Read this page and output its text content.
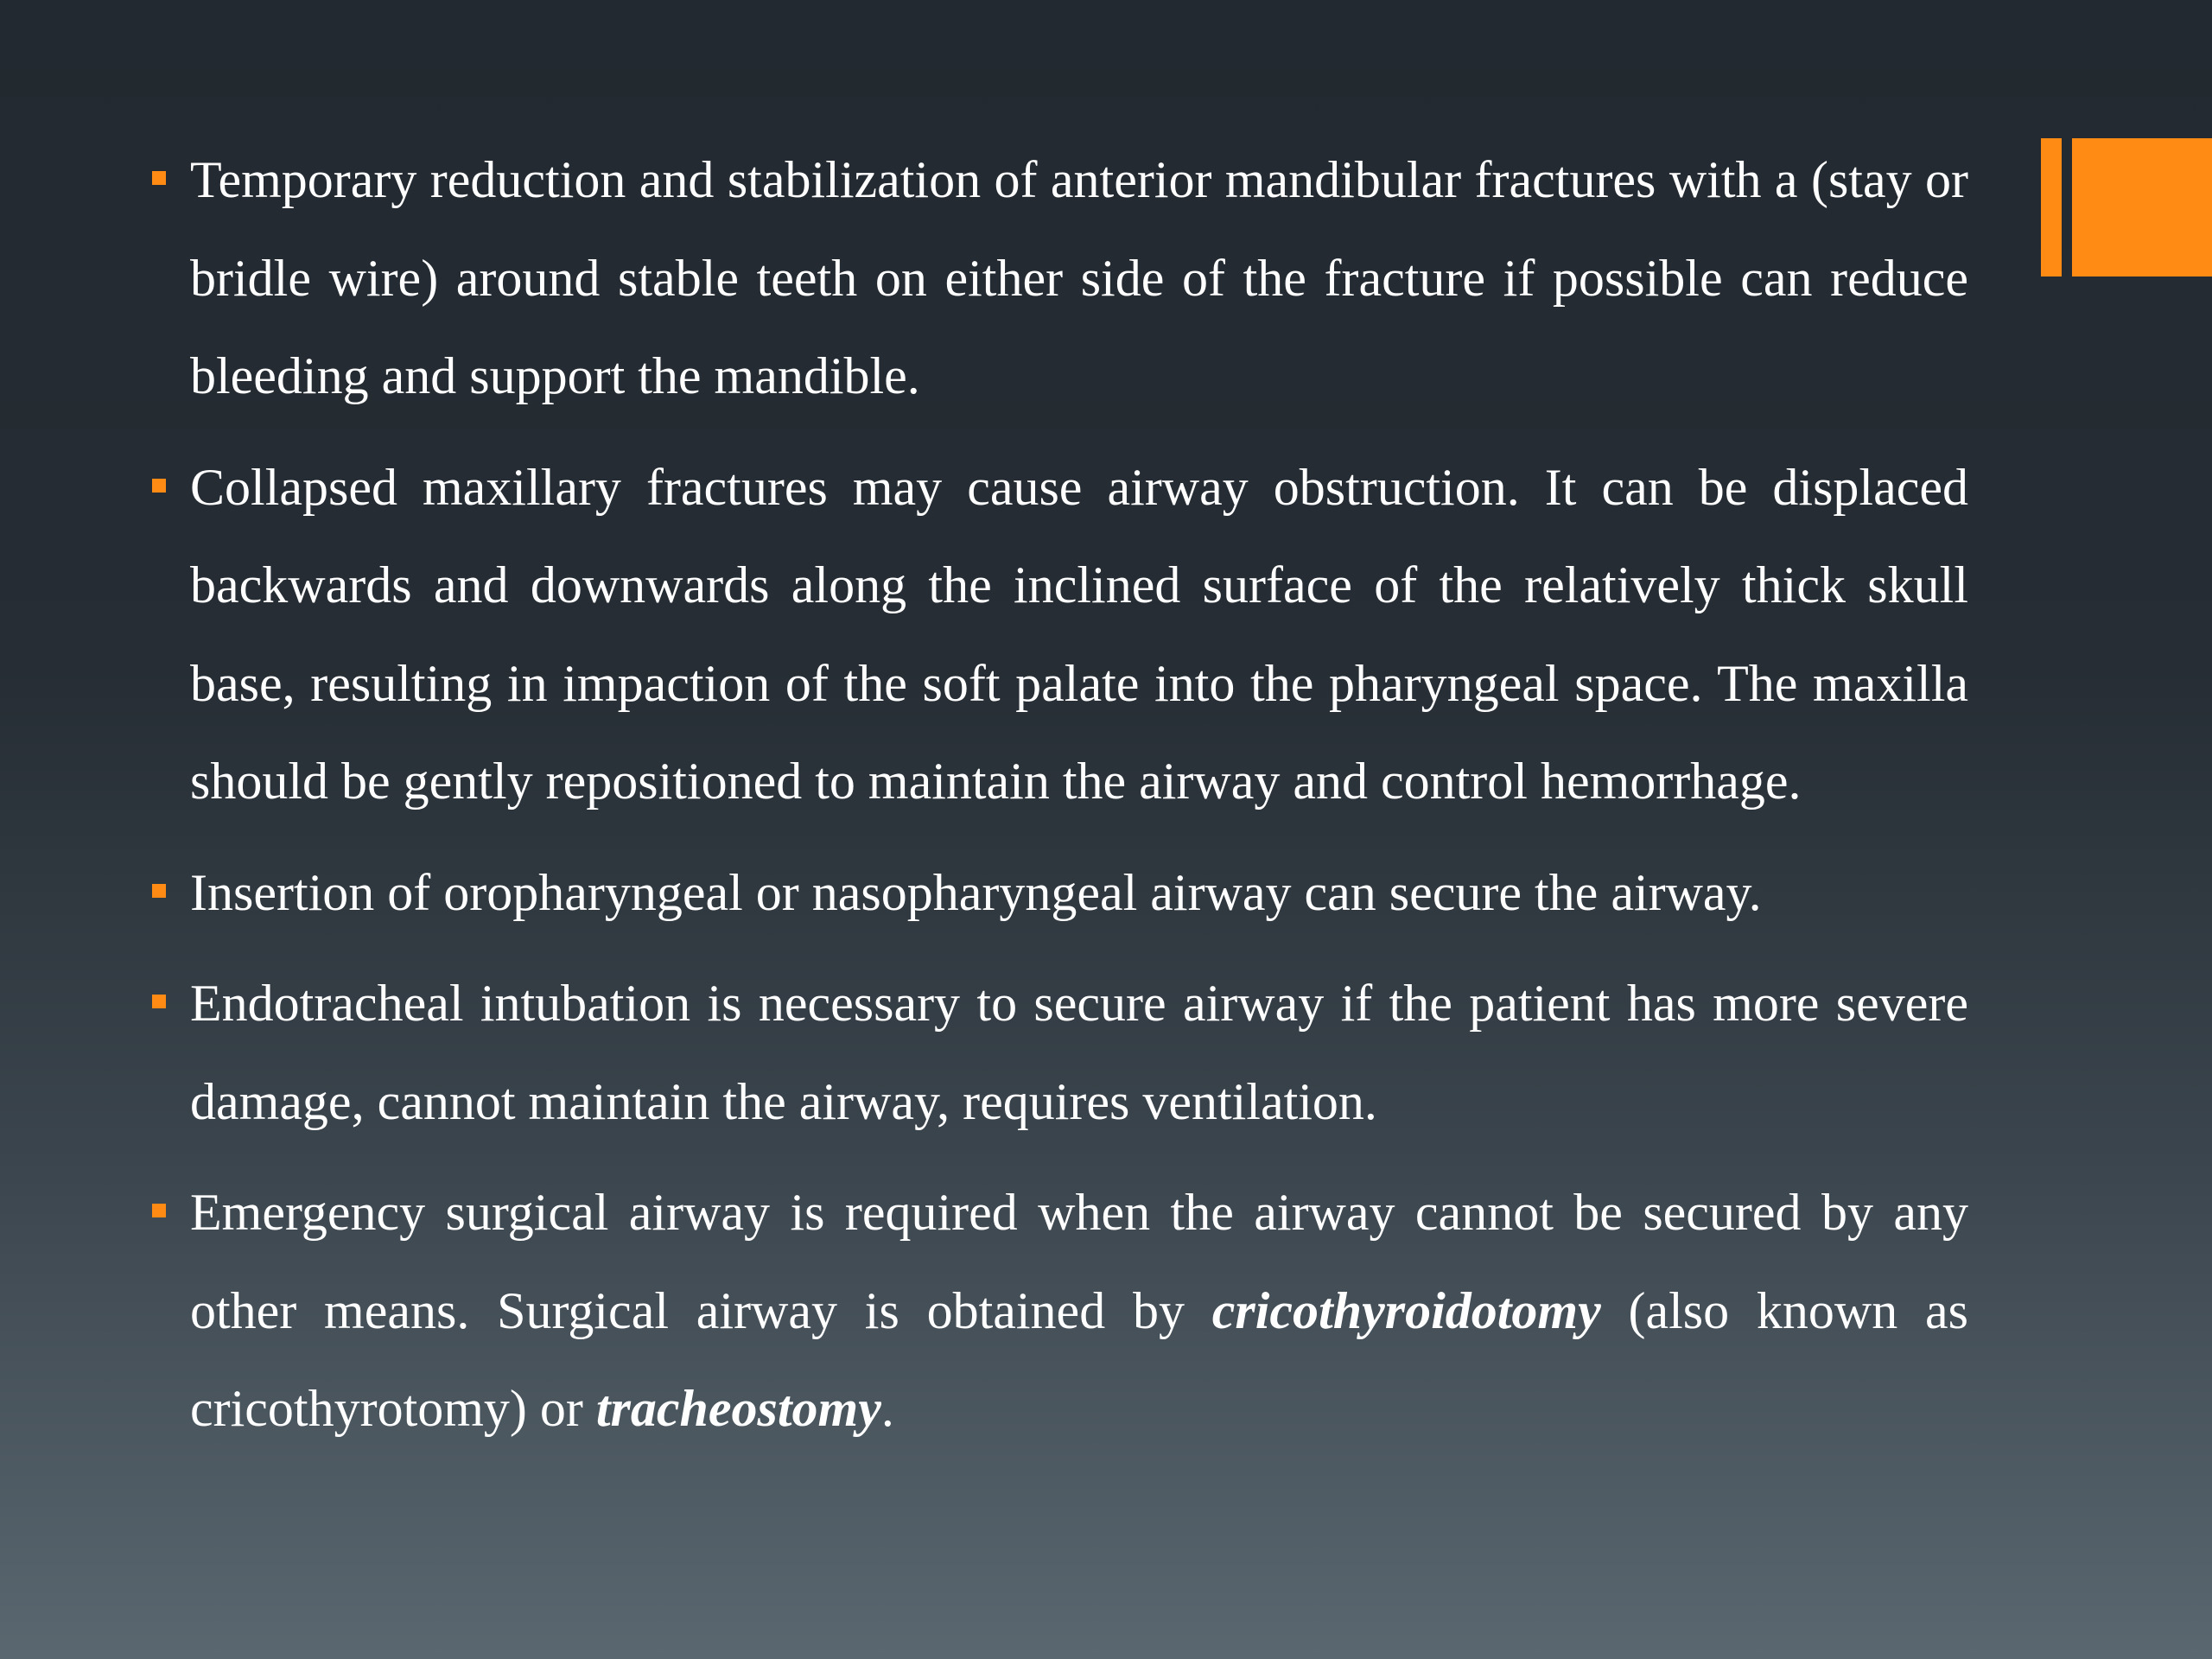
Temporary reduction and stabilization of anterior mandibular fractures with a (stay or bridle wire) around stable teeth on either side of the fracture if possible can reduce bleeding and support the mandible.

Collapsed maxillary fractures may cause airway obstruction. It can be displaced backwards and downwards along the inclined surface of the relatively thick skull base, resulting in impaction of the soft palate into the pharyngeal space. The maxilla should be gently repositioned to maintain the airway and control hemorrhage.

Insertion of oropharyngeal or nasopharyngeal airway can secure the airway.

Endotracheal intubation is necessary to secure airway if the patient has more severe damage, cannot maintain the airway, requires ventilation.

Emergency surgical airway is required when the airway cannot be secured by any other means. Surgical airway is obtained by cricothyroidotomy (also known as cricothyrotomy) or tracheostomy.
